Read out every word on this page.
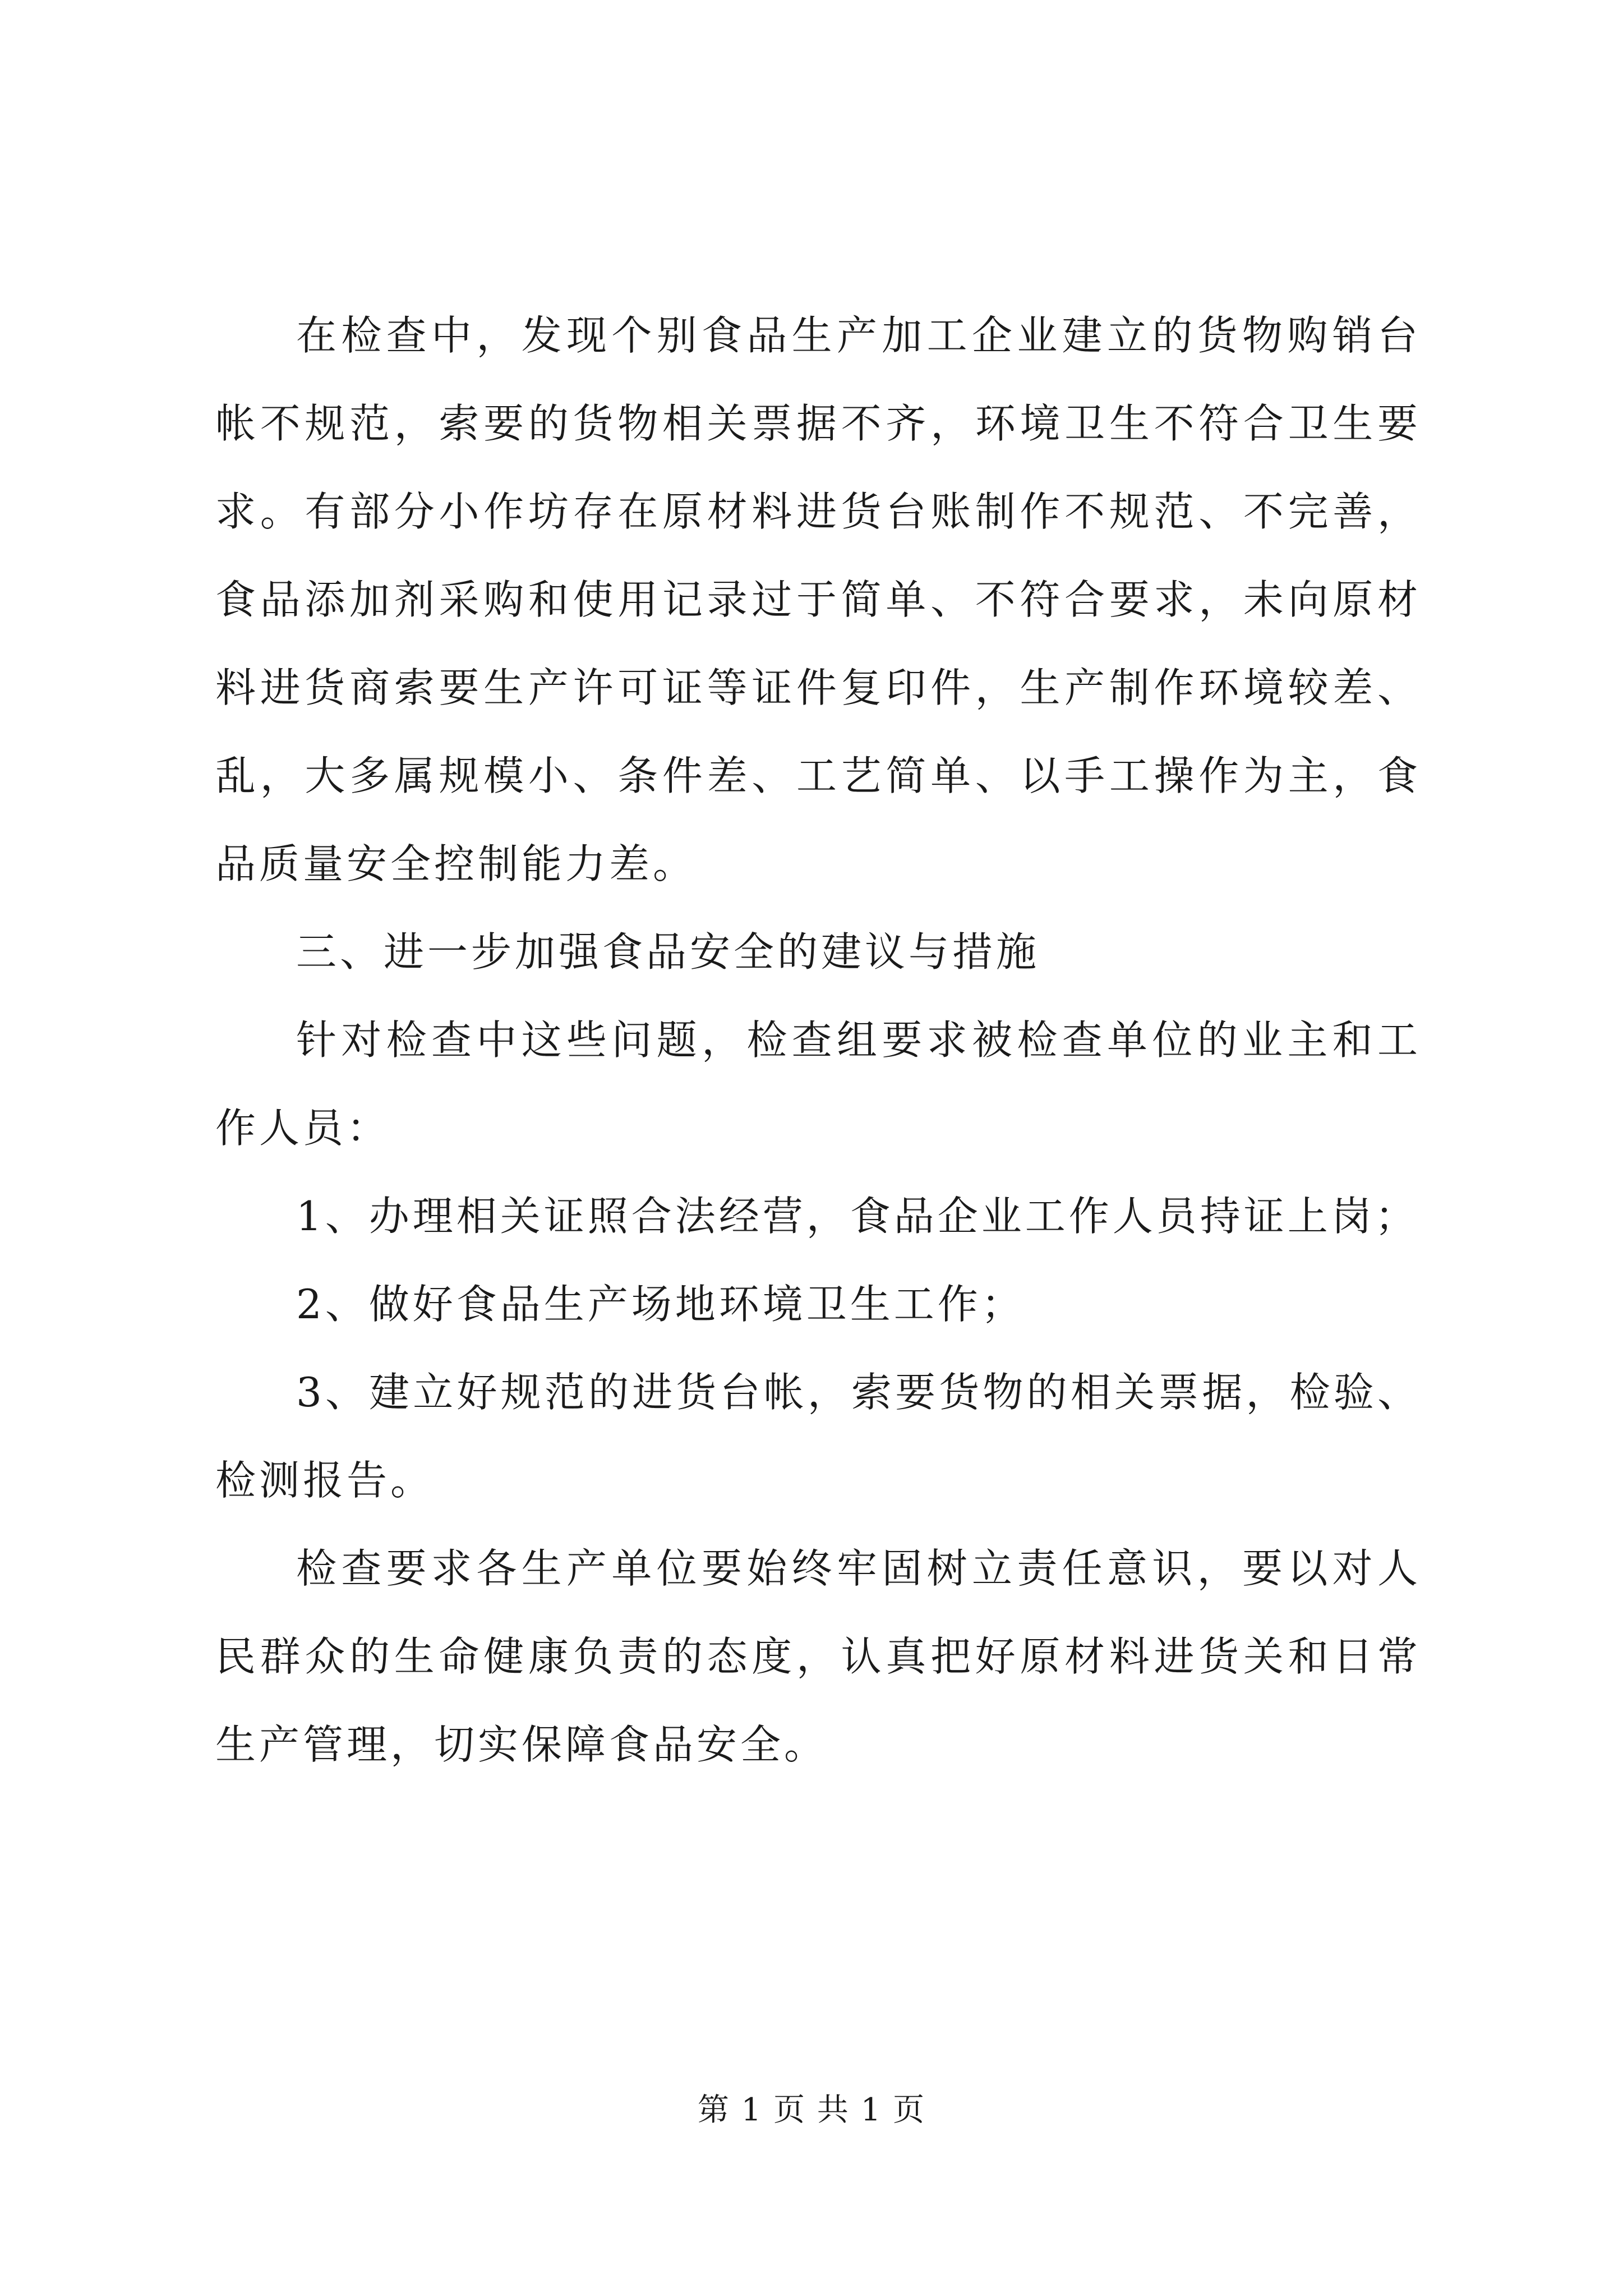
在检查中，发现个别食品生产加工企业建立的货物购销台帐不规范，索要的货物相关票据不齐，环境卫生不符合卫生要求。有部分小作坊存在原材料进货台账制作不规范、不完善，食品添加剂采购和使用记录过于简单、不符合要求，未向原材料进货商索要生产许可证等证件复印件，生产制作环境较差、乱，大多属规模小、条件差、工艺简单、以手工操作为主，食品质量安全控制能力差。

三、进一步加强食品安全的建议与措施

针对检查中这些问题，检查组要求被检查单位的业主和工作人员：

1、办理相关证照合法经营，食品企业工作人员持证上岗；

2、做好食品生产场地环境卫生工作；

3、建立好规范的进货台帐，索要货物的相关票据，检验、检测报告。

检查要求各生产单位要始终牢固树立责任意识，要以对人民群众的生命健康负责的态度，认真把好原材料进货关和日常生产管理，切实保障食品安全。

第 1 页 共 1 页
